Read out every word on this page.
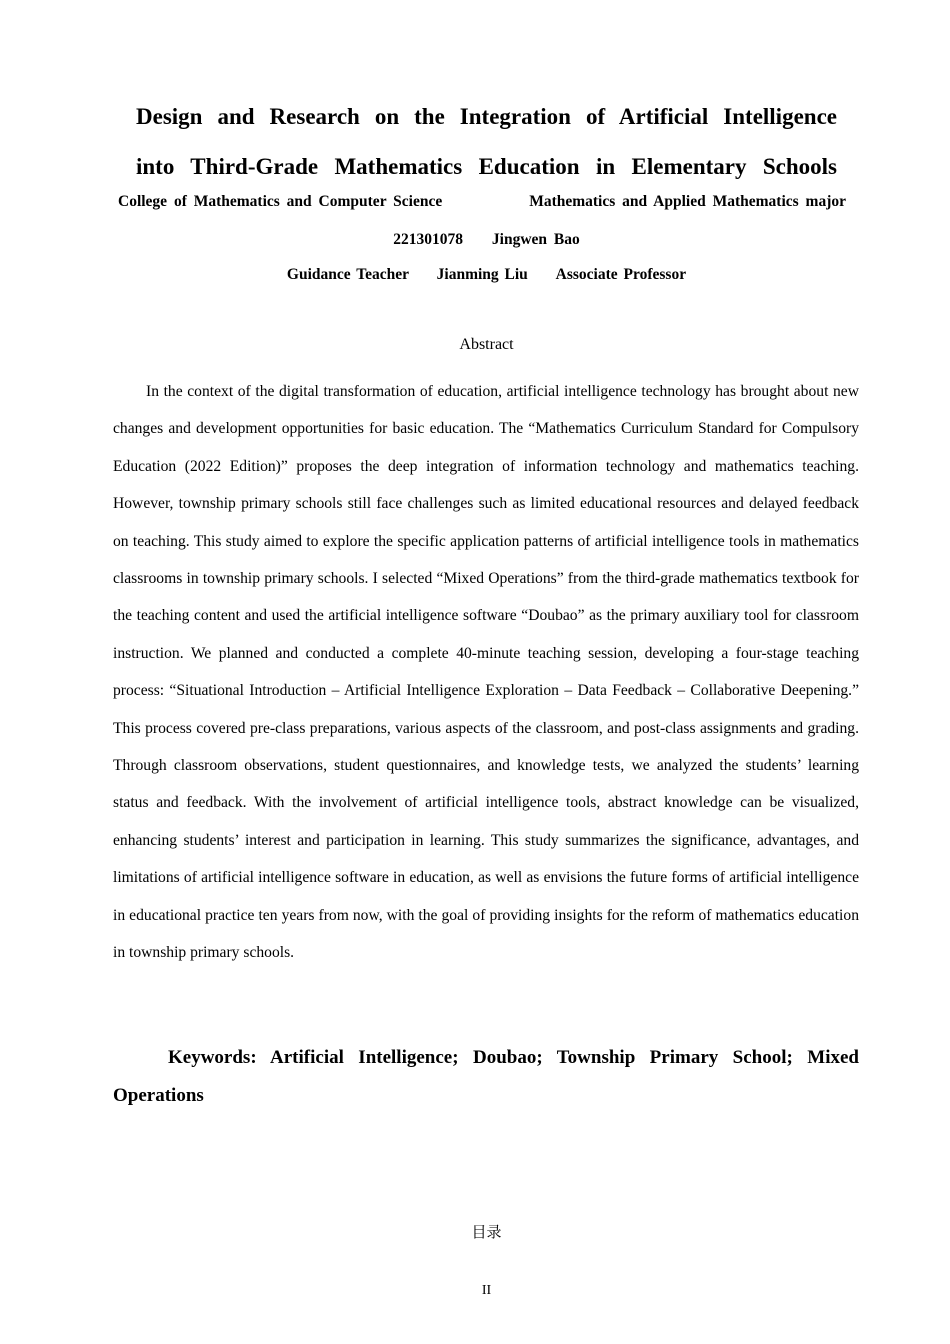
Design and Research on the Integration of Artificial Intelligence
into Third-Grade Mathematics Education in Elementary Schools
College of Mathematics and Computer Science	Mathematics and Applied Mathematics major
221301078 Jingwen Bao
Guidance Teacher Jianming Liu Associate Professor
Abstract

In the context of the digital transformation of education, artificial intelligence technology has brought about new changes and development opportunities for basic education. The “Mathematics Curriculum Standard for Compulsory Education (2022 Edition)” proposes the deep integration of information technology and mathematics teaching. However, township primary schools still face challenges such as limited educational resources and delayed feedback on teaching. This study aimed to explore the specific application patterns of artificial intelligence tools in mathematics classrooms in township primary schools. I selected “Mixed Operations” from the third-grade mathematics textbook for the teaching content and used the artificial intelligence software “Doubao” as the primary auxiliary tool for classroom instruction. We planned and conducted a complete 40-minute teaching session, developing a four-stage teaching process: “Situational Introduction – Artificial Intelligence Exploration – Data Feedback – Collaborative Deepening.” This process covered pre-class preparations, various aspects of the classroom, and post-class assignments and grading. Through classroom observations, student questionnaires, and knowledge tests, we analyzed the students’ learning status and feedback. With the involvement of artificial intelligence tools, abstract knowledge can be visualized, enhancing students’ interest and participation in learning. This study summarizes the significance, advantages, and limitations of artificial intelligence software in education, as well as envisions the future forms of artificial intelligence in educational practice ten years from now, with the goal of providing insights for the reform of mathematics education in township primary schools.

Keywords: Artificial Intelligence; Doubao; Township Primary School; Mixed Operations

目录
II
